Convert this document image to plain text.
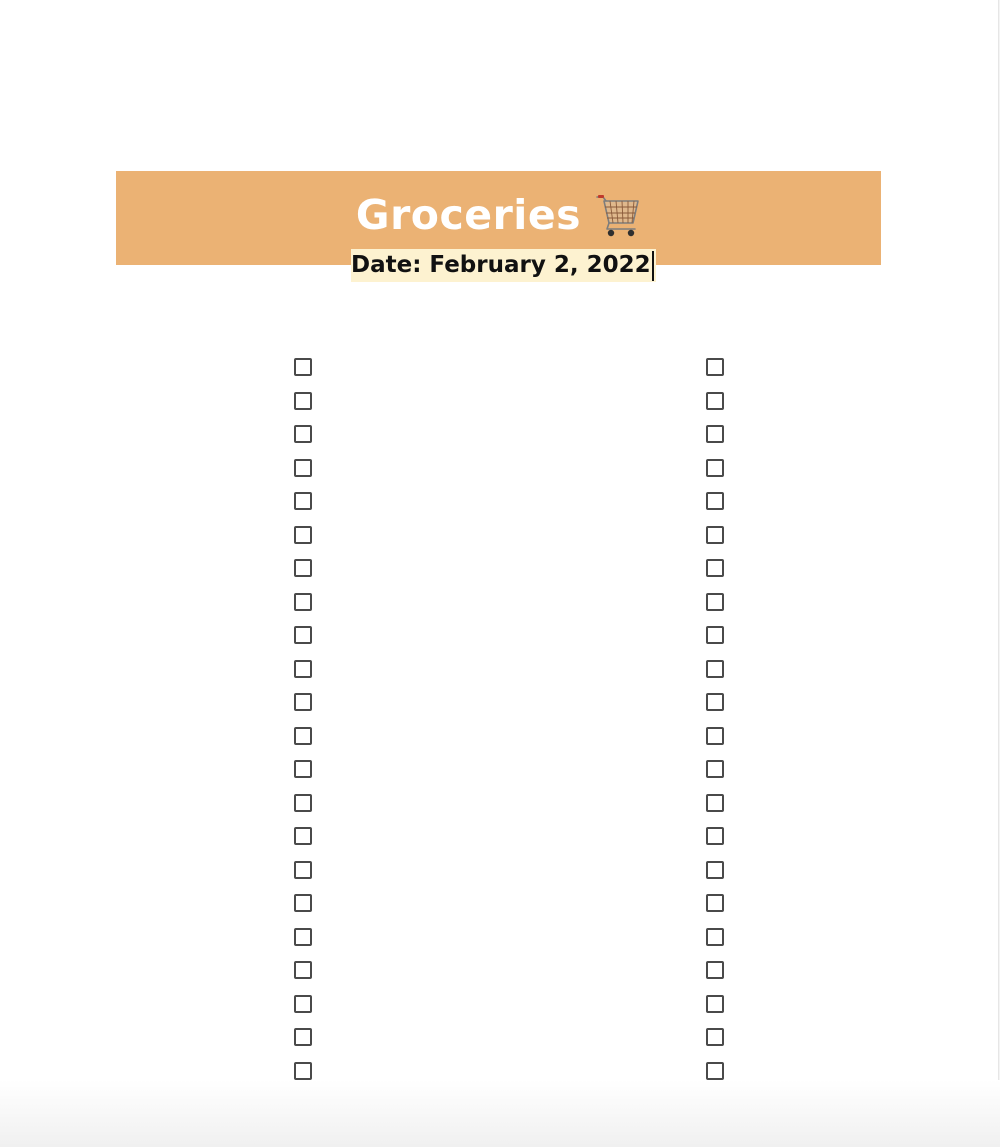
Groceries
Date: February 2, 2022
